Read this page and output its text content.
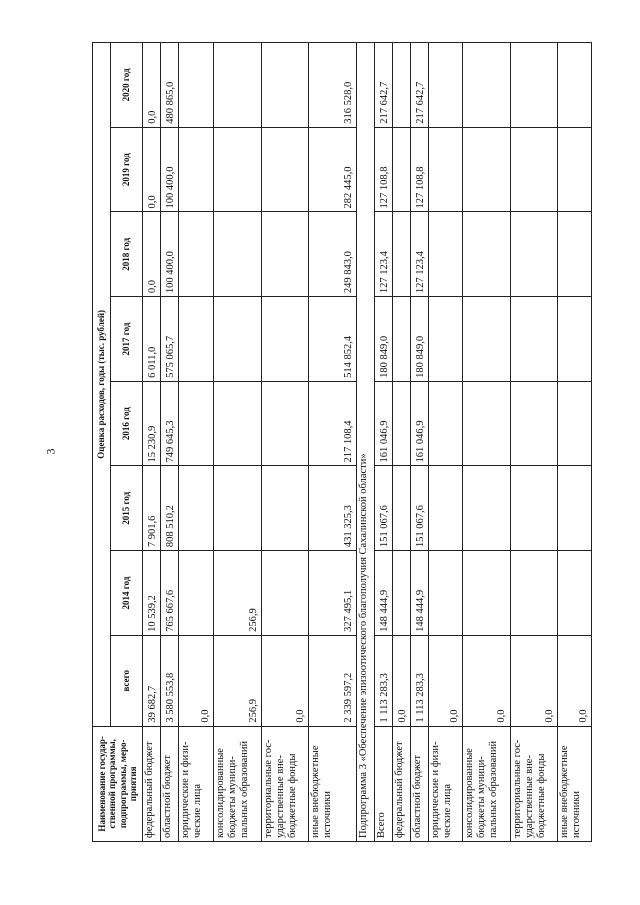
3
Наименование государ-ственной программы, подпрограммы, меро-приятия	Оценка расходов, годы (тыс. рублей)							
	всего	2014 год	2015 год	2016 год	2017 год	2018 год	2019 год	2020 год
федеральный бюджет	39 682,7	10 539,2	7 901,6	15 230,9	6 011,0	0,0	0,0	0,0
областной бюджет	3 580 553,8	765 667,6	808 510,2	749 645,3	575 065,7	100 400,0	100 400,0	480 865,0
юридические и физи-ческие лица	0,0							
консолидированные бюджеты муници-пальных образований	256,9	256,9						
территориальные гос-ударственные вне-бюджетные фонды	0,0							
иные внебюджетные источники	2 339 597,2	327 495,1	431 325,3	217 108,4	514 852,4	249 843,0	282 445,0	316 528,0
Подпрограмма 3 «Обеспечение эпизоотического благополучия Сахалинской области»								
Всего	1 113 283,3	148 444,9	151 067,6	161 046,9	180 849,0	127 123,4	127 108,8	217 642,7
федеральный бюджет	0,0							
областной бюджет	1 113 283,3	148 444,9	151 067,6	161 046,9	180 849,0	127 123,4	127 108,8	217 642,7
юридические и физи-ческие лица	0,0							
консолидированные бюджеты муници-пальных образований	0,0							
территориальные гос-ударственные вне-бюджетные фонды	0,0							
иные внебюджетные источники	0,0							
